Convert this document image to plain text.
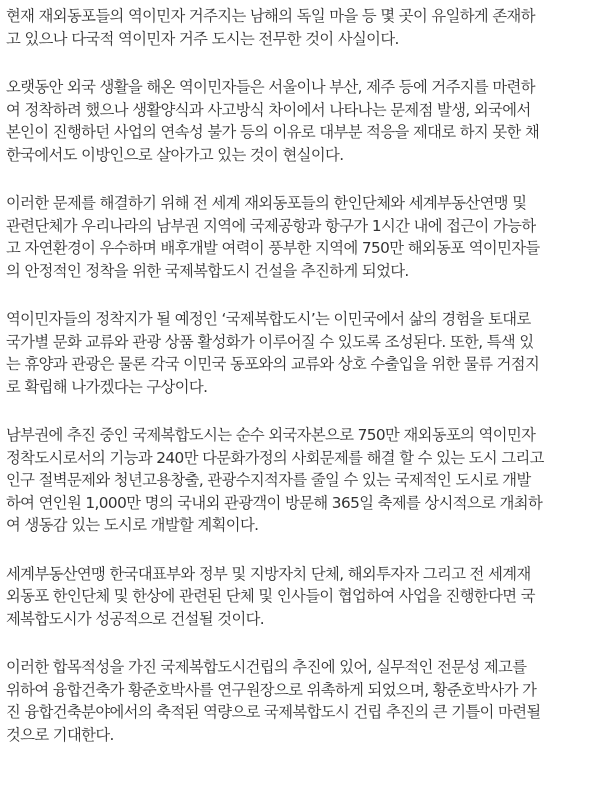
현재 재외동포들의 역이민자 거주지는 남해의 독일 마을 등 몇 곳이 유일하게 존재하
고 있으나 다국적 역이민자 거주 도시는 전무한 것이 사실이다.

오랫동안 외국 생활을 해온 역이민자들은 서울이나 부산, 제주 등에 거주지를 마련하
여 정착하려 했으나 생활양식과 사고방식 차이에서 나타나는 문제점 발생, 외국에서
본인이 진행하던 사업의 연속성 불가 등의 이유로 대부분 적응을 제대로 하지 못한 채
한국에서도 이방인으로 살아가고 있는 것이 현실이다.

이러한 문제를 해결하기 위해 전 세계 재외동포들의 한인단체와 세계부동산연맹 및
관련단체가 우리나라의 남부권 지역에 국제공항과 항구가 1시간 내에 접근이 가능하
고 자연환경이 우수하며 배후개발 여력이 풍부한 지역에 750만 해외동포 역이민자들
의 안정적인 정착을 위한 국제복합도시 건설을 추진하게 되었다.

역이민자들의 정착지가 될 예정인 ‘국제복합도시’는 이민국에서 삶의 경험을 토대로
국가별 문화 교류와 관광 상품 활성화가 이루어질 수 있도록 조성된다. 또한, 특색 있
는 휴양과 관광은 물론 각국 이민국 동포와의 교류와 상호 수출입을 위한 물류 거점지
로 확립해 나가겠다는 구상이다.

남부권에 추진 중인 국제복합도시는 순수 외국자본으로 750만 재외동포의 역이민자
정착도시로서의 기능과 240만 다문화가정의 사회문제를 해결 할 수 있는 도시 그리고
인구 절벽문제와 청년고용창출, 관광수지적자를 줄일 수 있는 국제적인 도시로 개발
하여 연인원 1,000만 명의 국내외 관광객이 방문해 365일 축제를 상시적으로 개최하
여 생동감 있는 도시로 개발할 계획이다.

세계부동산연맹 한국대표부와 정부 및 지방자치 단체, 해외투자자 그리고 전 세계재
외동포 한인단체 및 한상에 관련된 단체 및 인사들이 협업하여 사업을 진행한다면 국
제복합도시가 성공적으로 건설될 것이다.

이러한 합목적성을 가진 국제복합도시건립의 추진에 있어, 실무적인 전문성 제고를
위하여 융합건축가 황준호박사를 연구원장으로 위촉하게 되었으며, 황준호박사가 가
진 융합건축분야에서의 축적된 역량으로 국제복합도시 건립 추진의 큰 기틀이 마련될
것으로 기대한다.
